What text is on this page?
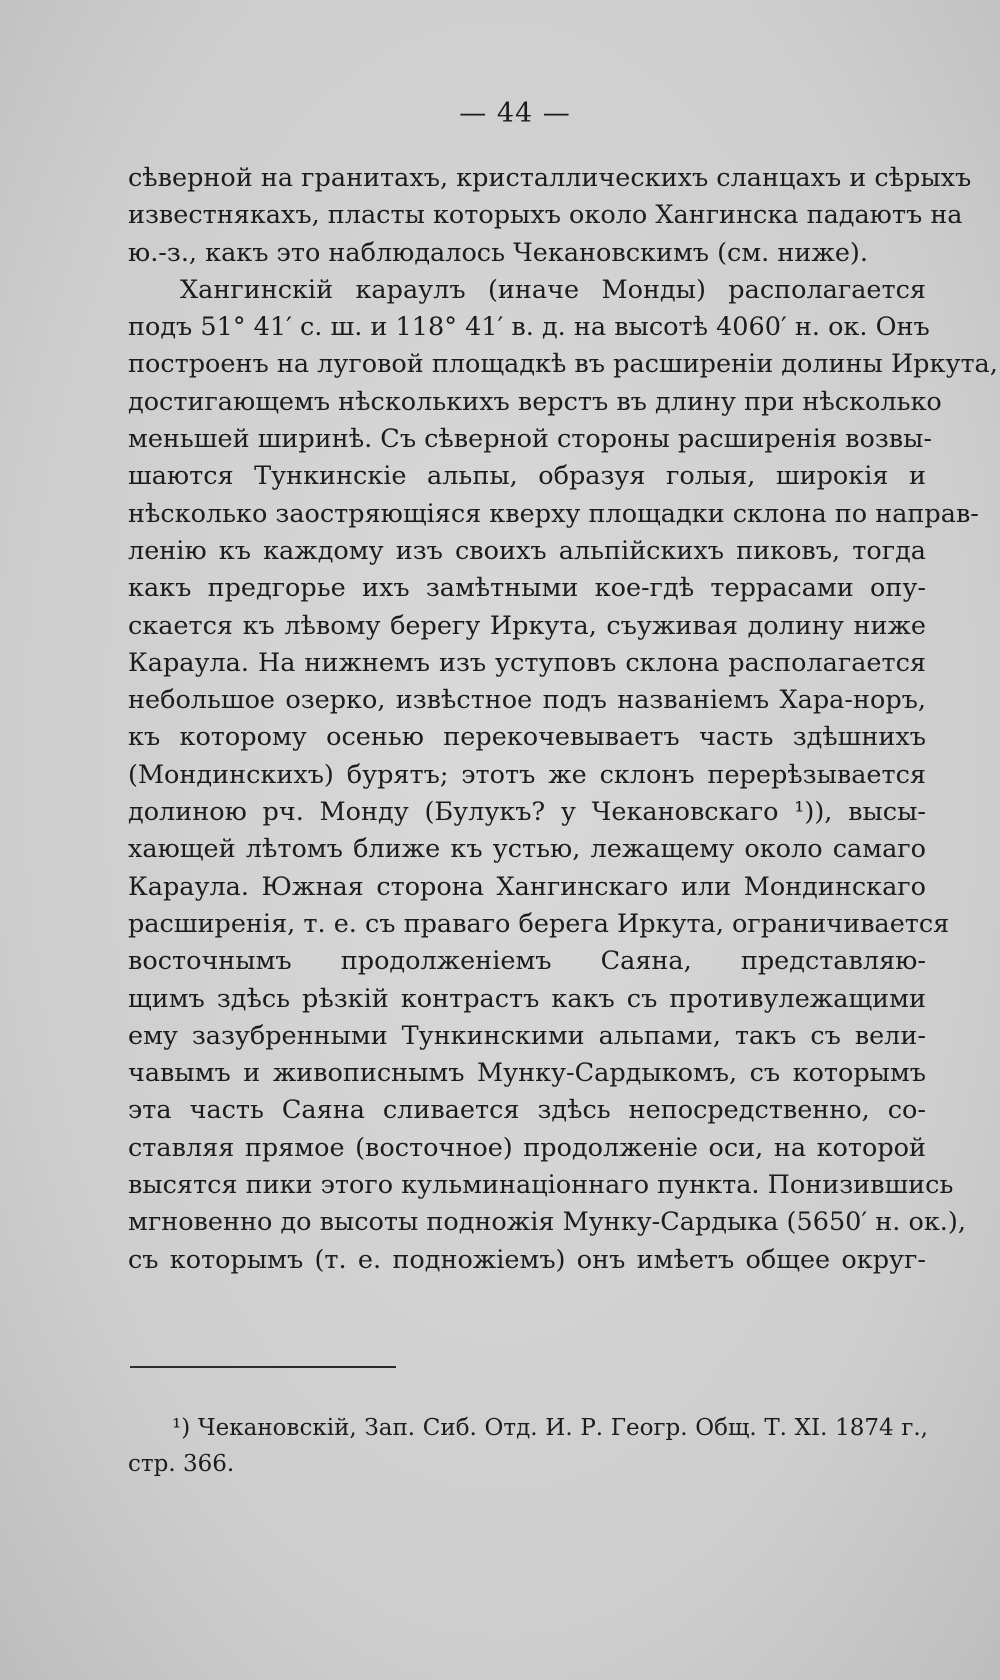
— 44 —
сѣверной на гранитахъ, кристаллическихъ сланцахъ и сѣрыхъ
известнякахъ, пласты которыхъ около Хангинска падаютъ на
ю.-з., какъ это наблюдалось Чекановскимъ (см. ниже).
Хангинскій караулъ (иначе Монды) располагается
подъ 51° 41′ с. ш. и 118° 41′ в. д. на высотѣ 4060′ н. ок. Онъ
построенъ на луговой площадкѣ въ расширеніи долины Иркута,
достигающемъ нѣсколькихъ верстъ въ длину при нѣсколько
меньшей ширинѣ. Съ сѣверной стороны расширенія возвы-
шаются Тункинскіе альпы, образуя голыя, широкія и
нѣсколько заостряющіяся кверху площадки склона по направ-
ленію къ каждому изъ своихъ альпійскихъ пиковъ, тогда
какъ предгорье ихъ замѣтными кое-гдѣ террасами опу-
скается къ лѣвому берегу Иркута, съуживая долину ниже
Караула. На нижнемъ изъ уступовъ склона располагается
небольшое озерко, извѣстное подъ названіемъ Хара-норъ,
къ которому осенью перекочевываетъ часть здѣшнихъ
(Мондинскихъ) бурятъ; этотъ же склонъ перерѣзывается
долиною рч. Монду (Булукъ? у Чекановскаго ¹)), высы-
хающей лѣтомъ ближе къ устью, лежащему около самаго
Караула. Южная сторона Хангинскаго или Мондинскаго
расширенія, т. е. съ праваго берега Иркута, ограничивается
восточнымъ продолженіемъ Саяна, представляю-
щимъ здѣсь рѣзкій контрастъ какъ съ противулежащими
ему зазубренными Тункинскими альпами, такъ съ вели-
чавымъ и живописнымъ Мунку-Сардыкомъ, съ которымъ
эта часть Саяна сливается здѣсь непосредственно, со-
ставляя прямое (восточное) продолженіе оси, на которой
высятся пики этого кульминаціоннаго пункта. Понизившись
мгновенно до высоты подножія Мунку-Сардыка (5650′ н. ок.),
съ которымъ (т. е. подножіемъ) онъ имѣетъ общее округ-
¹) Чекановскій, Зап. Сиб. Отд. И. Р. Геогр. Общ. Т. XI. 1874 г.,
стр. 366.
